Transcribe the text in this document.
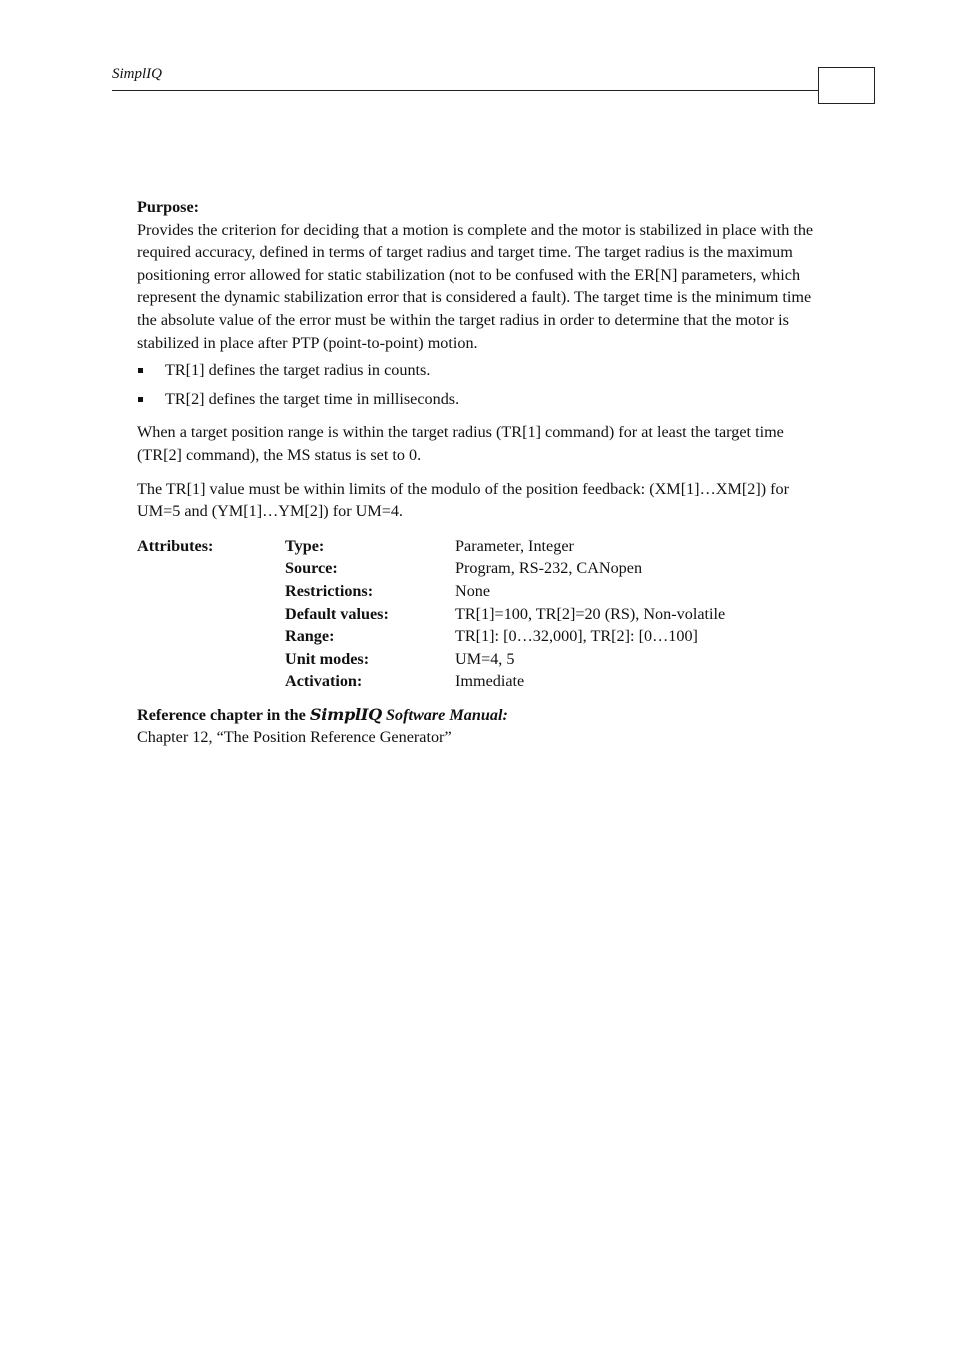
SimplIQ

Purpose:

Provides the criterion for deciding that a motion is complete and the motor is stabilized in place with the required accuracy, defined in terms of target radius and target time. The target radius is the maximum positioning error allowed for static stabilization (not to be confused with the ER[N] parameters, which represent the dynamic stabilization error that is considered a fault). The target time is the minimum time the absolute value of the error must be within the target radius in order to determine that the motor is stabilized in place after PTP (point-to-point) motion.

TR[1] defines the target radius in counts.
TR[2] defines the target time in milliseconds.

When a target position range is within the target radius (TR[1] command) for at least the target time (TR[2] command), the MS status is set to 0.

The TR[1] value must be within limits of the modulo of the position feedback: (XM[1]…XM[2]) for UM=5 and (YM[1]…YM[2]) for UM=4.

Attributes:	Type:	Parameter, Integer
Source:	Program, RS-232, CANopen
Restrictions:	None
Default values:	TR[1]=100, TR[2]=20 (RS), Non-volatile
Range:	TR[1]: [0…32,000], TR[2]: [0…100]
Unit modes:	UM=4, 5
Activation:	Immediate

Reference chapter in the SimplIQ Software Manual:

Chapter 12, “The Position Reference Generator”
